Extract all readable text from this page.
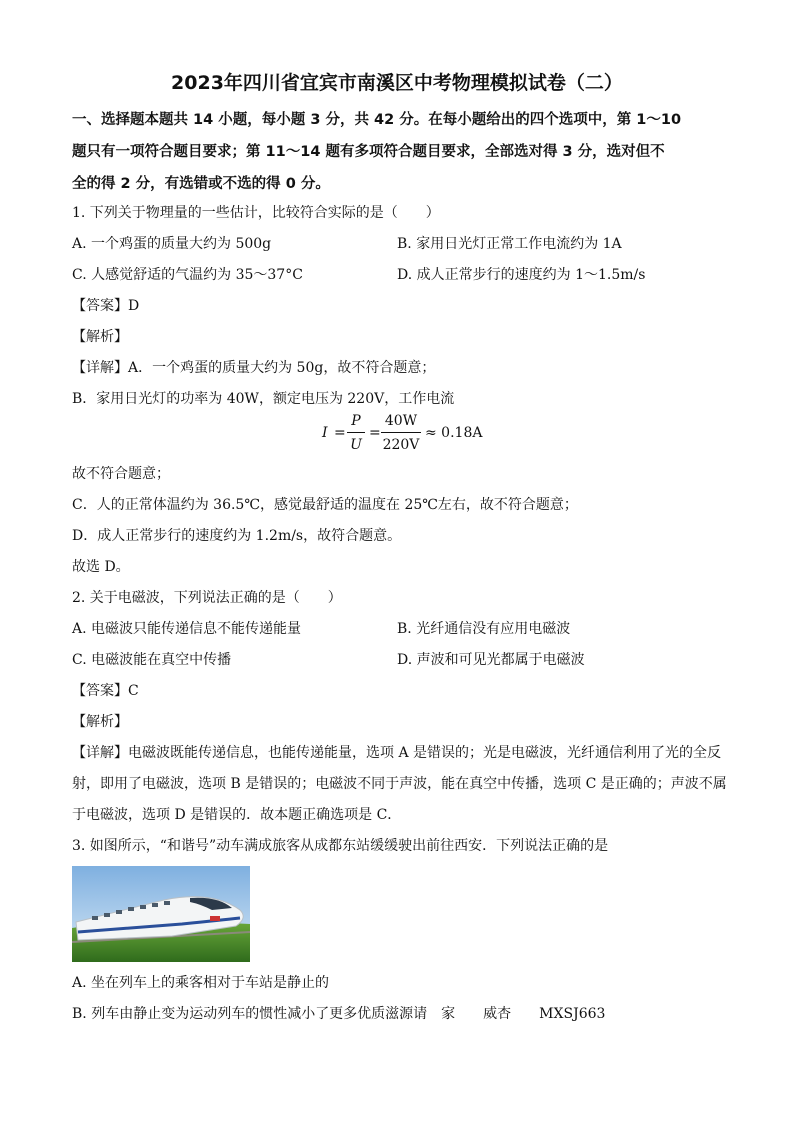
2023年四川省宜宾市南溪区中考物理模拟试卷（二）
一、选择题本题共 14 小题，每小题 3 分，共 42 分。在每小题给出的四个选项中，第 1～10
题只有一项符合题目要求；第 11～14 题有多项符合题目要求，全部选对得 3 分，选对但不
全的得 2 分，有选错或不选的得 0 分。
1. 下列关于物理量的一些估计，比较符合实际的是（　　）
A. 一个鸡蛋的质量大约为 500g	B. 家用日光灯正常工作电流约为 1A
C. 人感觉舒适的气温约为 35～37°C	D. 成人正常步行的速度约为 1～1.5m/s
【答案】D
【解析】
【详解】A．一个鸡蛋的质量大约为 50g，故不符合题意；
B．家用日光灯的功率为 40W，额定电压为 220V，工作电流
I =
P
U
=
40W
220V
≈ 0.18A
故不符合题意；
C．人的正常体温约为 36.5℃，感觉最舒适的温度在 25℃左右，故不符合题意；
D．成人正常步行的速度约为 1.2m/s，故符合题意。
故选 D。
2. 关于电磁波，下列说法正确的是（　　）
A. 电磁波只能传递信息不能传递能量	B. 光纤通信没有应用电磁波
C. 电磁波能在真空中传播	D. 声波和可见光都属于电磁波
【答案】C
【解析】
【详解】电磁波既能传递信息，也能传递能量，选项 A 是错误的；光是电磁波，光纤通信利用了光的全反
射，即用了电磁波，选项 B 是错误的；电磁波不同于声波，能在真空中传播，选项 C 是正确的；声波不属
于电磁波，选项 D 是错误的．故本题正确选项是 C．
3. 如图所示，“和谐号”动车满成旅客从成都东站缓缓驶出前往西安．下列说法正确的是
A. 坐在列车上的乘客相对于车站是静止的
B. 列车由静止变为运动列车的惯性减小了更多优质滋源请　家　　威杏　　MXSJ663
